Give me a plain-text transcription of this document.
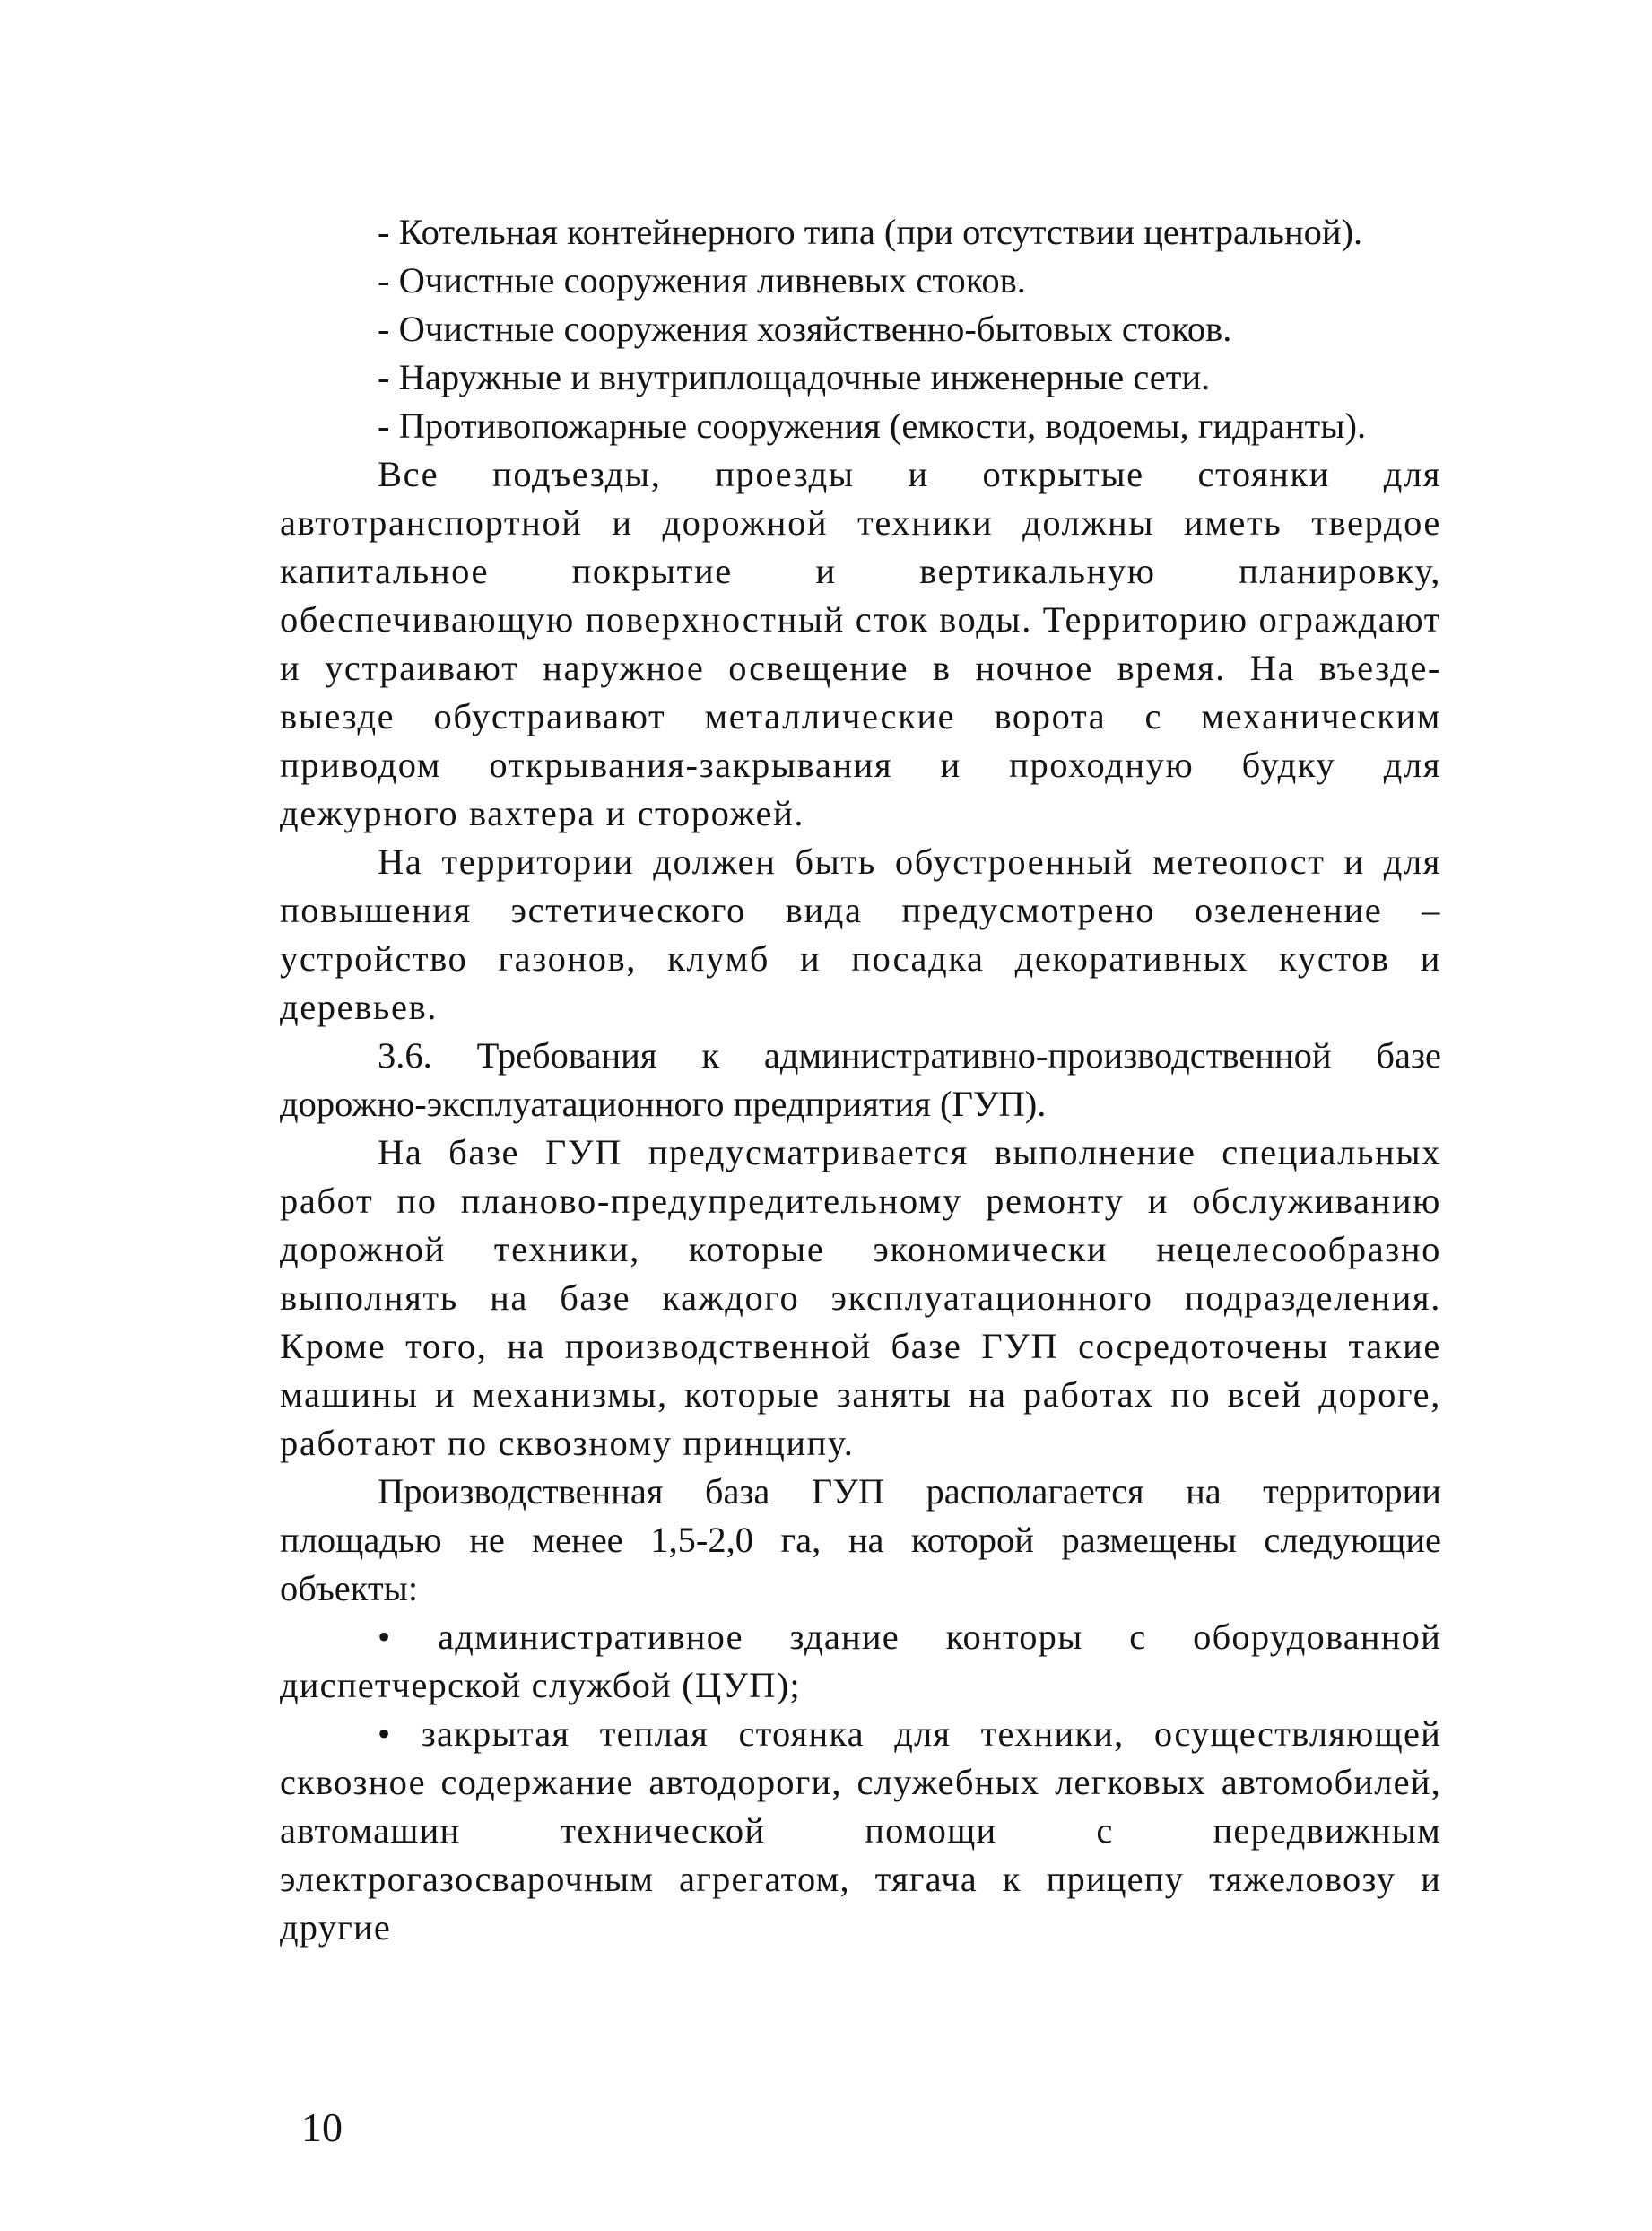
- Котельная контейнерного типа (при отсутствии центральной).

- Очистные сооружения ливневых стоков.

- Очистные сооружения хозяйственно-бытовых стоков.

- Наружные и внутриплощадочные инженерные сети.

- Противопожарные сооружения (емкости, водоемы, гидранты).

Все подъезды, проезды и открытые стоянки для автотранспортной и дорожной техники должны иметь твердое капитальное покрытие и вертикальную планировку, обеспечивающую поверхностный сток воды. Территорию ограждают и устраивают наружное освещение в ночное время. На въезде-выезде обустраивают металлические ворота с механическим приводом открывания-закрывания и проходную будку для дежурного вахтера и сторожей.

На территории должен быть обустроенный метеопост и для повышения эстетического вида предусмотрено озеленение – устройство газонов, клумб и посадка декоративных кустов и деревьев.

3.6. Требования к административно-производственной базе дорожно-эксплуатационного предприятия (ГУП).

На базе ГУП предусматривается выполнение специальных работ по планово-предупредительному ремонту и обслуживанию дорожной техники, которые экономически нецелесообразно выполнять на базе каждого эксплуатационного подразделения. Кроме того, на производственной базе ГУП сосредоточены такие машины и механизмы, которые заняты на работах по всей дороге, работают по сквозному принципу.

Производственная база ГУП располагается на территории площадью не менее 1,5-2,0 га, на которой размещены следующие объекты:

• административное здание конторы с оборудованной диспетчерской службой (ЦУП);

• закрытая теплая стоянка для техники, осуществляющей сквозное содержание автодороги, служебных легковых автомобилей, автомашин технической помощи с передвижным электрогазосварочным агрегатом, тягача к прицепу тяжеловозу и другие

10
